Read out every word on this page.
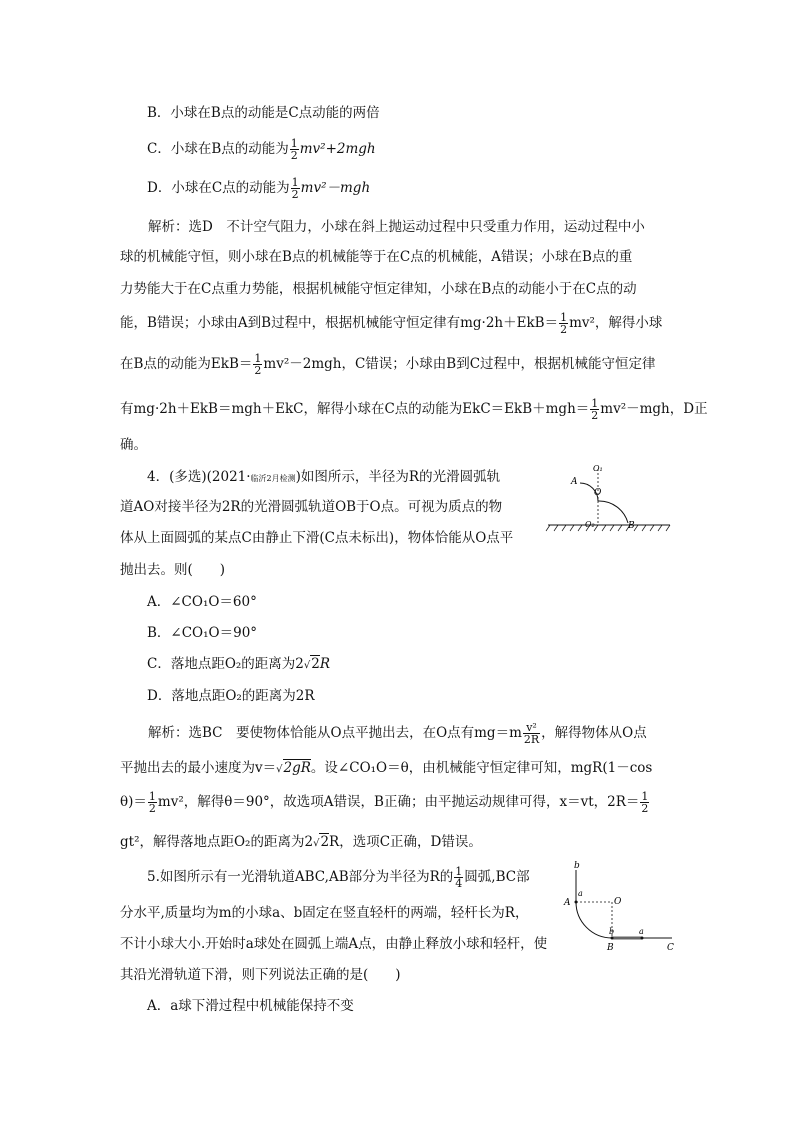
B．小球在B点的动能是C点动能的两倍
C．小球在B点的动能为 $\frac{1}{2} mv^2+2mgh$
D．小球在C点的动能为 $\frac{1}{2} mv^2-mgh$
解析：选D　不计空气阻力，小球在斜上抛运动过程中只受重力作用，运动过程中小
球的机械能守恒，则小球在B点的机械能等于在C点的机械能，A错误；小球在B点的重
力势能大于在C点重力势能，根据机械能守恒定律知，小球在B点的动能小于在C点的动
能，B错误；小球由A到B过程中，根据机械能守恒定律有$mg\cdot 2h+EkB= \frac{1}{2} mv^2$，解得小球
在B点的动能为$EkB= \frac{1}{2} mv^2-2mgh$，C错误；小球由B到C过程中，根据机械能守恒定律
有mg·2h＋EkB＝mgh＋EkC，解得小球在C点的动能为$EkC=EkB+mgh= \frac{1}{2} mv^2-mgh$，D正
确。
4．(多选)(2021·临沂2月检测)如图所示，半径为R的光滑圆弧轨
道AO对接半径为2R的光滑圆弧轨道OB于O点。可视为质点的物
体从上面圆弧的某点C由静止下滑(C点未标出)，物体恰能从O点平
抛出去。则(　　)
A．∠CO₁O＝60°
B．∠CO₁O＝90°
C．落地点距O₂的距离为2√2R
D．落地点距O₂的距离为2R
A
O₁
O
O₂	B
解析：选BC　要使物体恰能从O点平抛出去，在O点有$mg=m \frac{\text{v²}}{2R}$ ，解得物体从O点
平抛出去的最小速度为v＝√2gR。设∠CO₁O＝θ，由机械能守恒定律可知，mgR(1－cos
$\theta)= \frac{1}{2} mv^2$，解得θ＝90°，故选项A错误，B正确；由平抛运动规律可得，x＝vt，$2R= \frac{1}{2}$
gt²，解得落地点距O₂的距离为2√2R，选项C正确，D错误。
5.如图所示有一光滑轨道ABC,AB部分为半径为R的 $\frac{1}{4}$ 圆弧,BC部
分水平,质量均为m的小球a、b固定在竖直轻杆的两端，轻杆长为R，
不计小球大小.开始时a球处在圆弧上端A点，由静止释放小球和轻杆，使
其沿光滑轨道下滑，则下列说法正确的是(　　)
A．a球下滑过程中机械能保持不变
b
a
A	O
b	a
B	C
